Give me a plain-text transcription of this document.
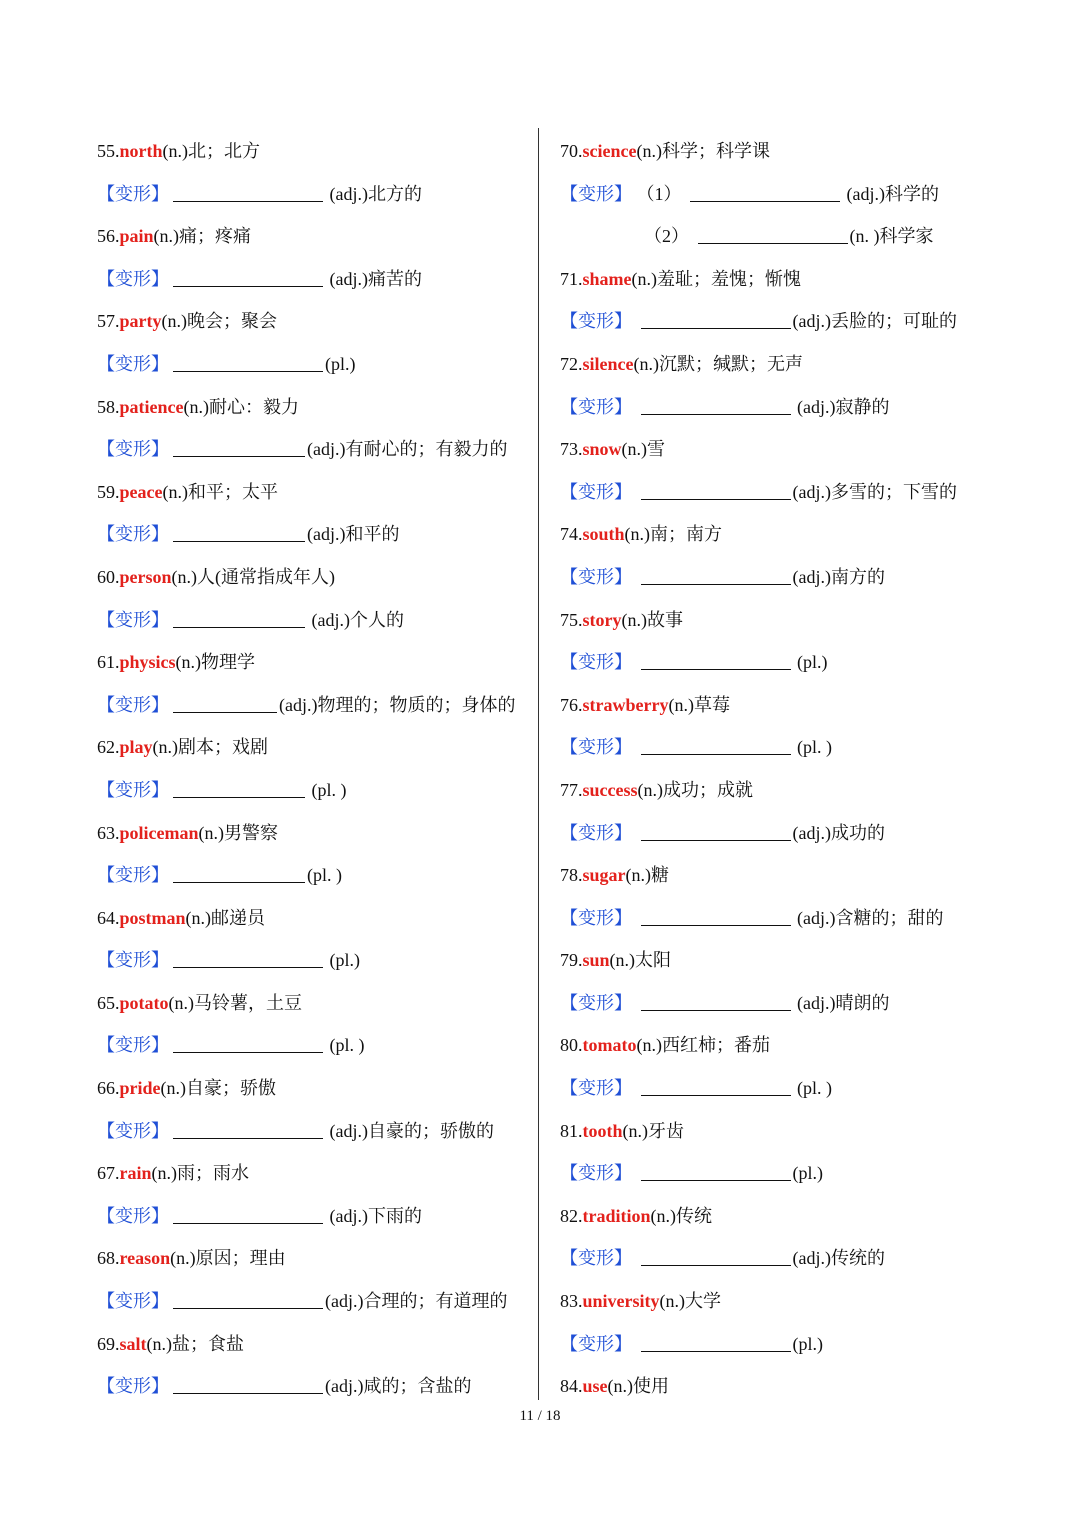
55.north(n.)北；北方
【变形】	(adj.)北方的
56.pain(n.)痛；疼痛
【变形】	(adj.)痛苦的
57.party(n.)晚会；聚会
【变形】	(pl.)
58.patience(n.)耐心：毅力
【变形】	(adj.)有耐心的；有毅力的
59.peace(n.)和平；太平
【变形】	(adj.)和平的
60.person(n.)人(通常指成年人)
【变形】	(adj.)个人的
61.physics(n.)物理学
【变形】	(adj.)物理的；物质的；身体的
62.play(n.)剧本；戏剧
【变形】	(pl. )
63.policeman(n.)男警察
【变形】	(pl. )
64.postman(n.)邮递员
【变形】	(pl.)
65.potato(n.)马铃薯，土豆
【变形】	(pl. )
66.pride(n.)自豪；骄傲
【变形】	(adj.)自豪的；骄傲的
67.rain(n.)雨；雨水
【变形】	(adj.)下雨的
68.reason(n.)原因；理由
【变形】	(adj.)合理的；有道理的
69.salt(n.)盐；食盐
【变形】	(adj.)咸的；含盐的
70.science(n.)科学；科学课
【变形】 （1）	(adj.)科学的
（2）	(n. )科学家
71.shame(n.)羞耻；羞愧；惭愧
【变形】	(adj.)丢脸的；可耻的
72.silence(n.)沉默；缄默；无声
【变形】	(adj.)寂静的
73.snow(n.)雪
【变形】	(adj.)多雪的；下雪的
74.south(n.)南；南方
【变形】	(adj.)南方的
75.story(n.)故事
【变形】	(pl.)
76.strawberry(n.)草莓
【变形】	(pl. )
77.success(n.)成功；成就
【变形】	(adj.)成功的
78.sugar(n.)糖
【变形】	(adj.)含糖的；甜的
79.sun(n.)太阳
【变形】	(adj.)晴朗的
80.tomato(n.)西红柿；番茄
【变形】	(pl. )
81.tooth(n.)牙齿
【变形】	(pl.)
82.tradition(n.)传统
【变形】	(adj.)传统的
83.university(n.)大学
【变形】	(pl.)
84.use(n.)使用
11 / 18
